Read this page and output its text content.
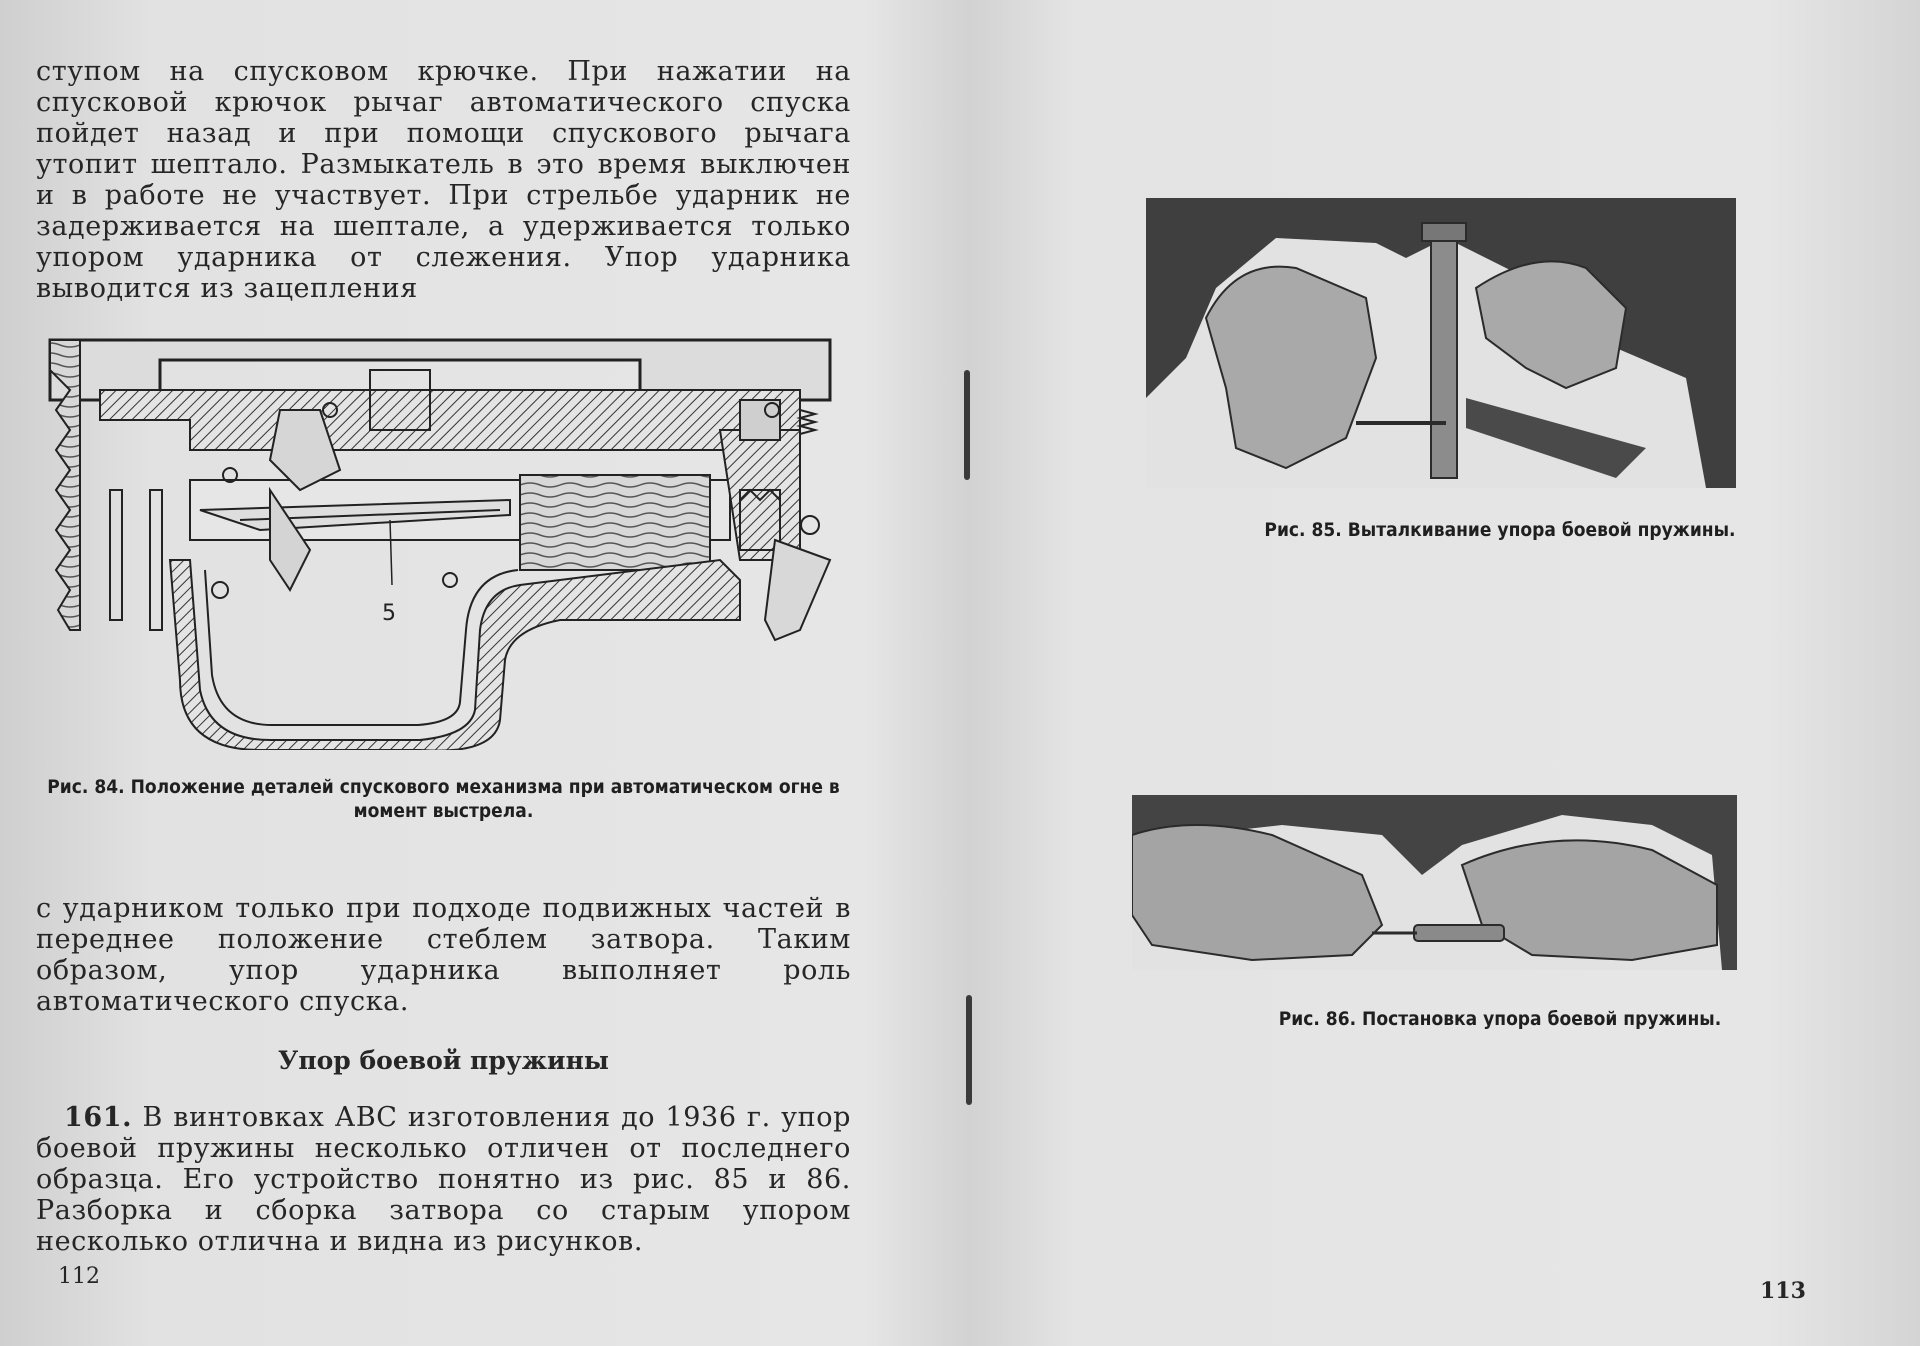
ступом на спусковом крючке. При нажатии на спусковой крючок рычаг автоматического спуска пойдет назад и при помощи спускового рычага утопит шептало. Размыкатель в это время выключен и в работе не участвует. При стрельбе ударник не задерживается на шептале, а удерживается только упором ударника от слежения. Упор ударника выводится из зацепления

5

Рис. 84. Положение деталей спускового механизма при автоматическом огне в момент выстрела.

с ударником только при подходе подвижных частей в переднее положение стеблем затвора. Таким образом, упор ударника выполняет роль автоматического спуска.

Упор боевой пружины

161. В винтовках АВС изготовления до 1936 г. упор боевой пружины несколько отличен от последнего образца. Его устройство понятно из рис. 85 и 86. Разборка и сборка затвора со старым упором несколько отлична и видна из рисунков.

112

Рис. 85. Выталкивание упора боевой пружины.

Рис. 86. Постановка упора боевой пружины.

113
